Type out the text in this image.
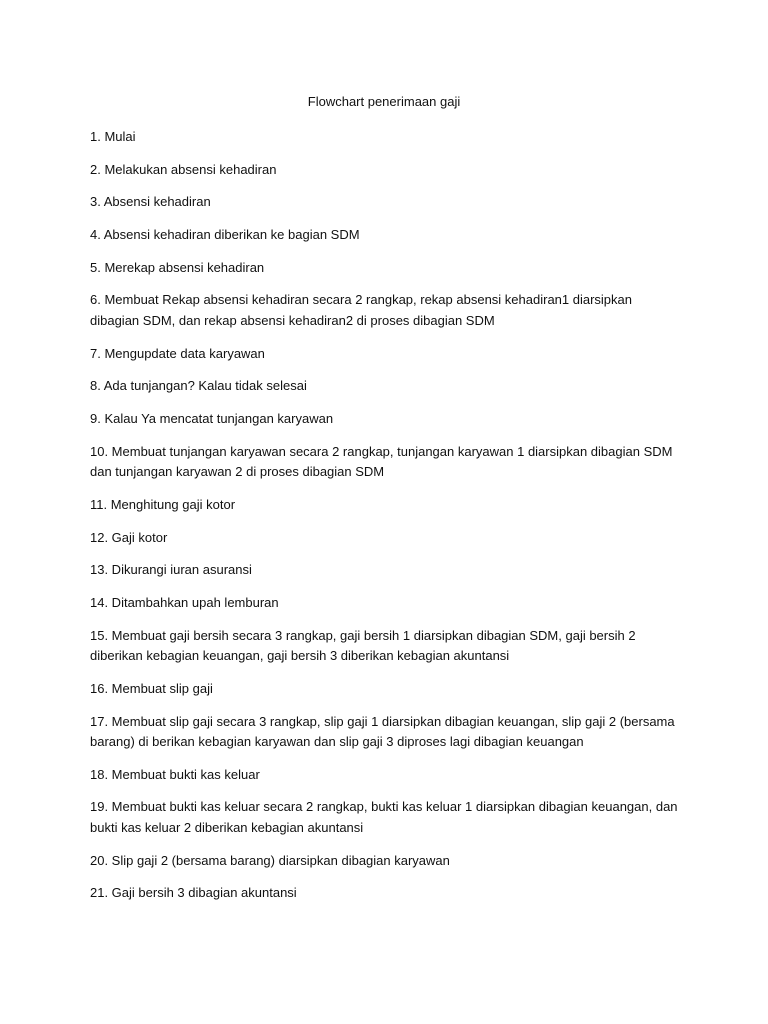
Flowchart penerimaan gaji
1. Mulai
2. Melakukan absensi kehadiran
3. Absensi kehadiran
4. Absensi kehadiran diberikan ke bagian SDM
5. Merekap absensi kehadiran
6. Membuat Rekap absensi kehadiran secara 2 rangkap, rekap absensi kehadiran1 diarsipkan dibagian SDM, dan rekap absensi kehadiran2 di proses dibagian SDM
7. Mengupdate data karyawan
8. Ada tunjangan? Kalau tidak selesai
9. Kalau Ya mencatat tunjangan karyawan
10. Membuat tunjangan karyawan secara 2 rangkap, tunjangan karyawan 1 diarsipkan dibagian SDM dan tunjangan karyawan 2 di proses dibagian SDM
11. Menghitung gaji kotor
12. Gaji kotor
13. Dikurangi iuran asuransi
14. Ditambahkan upah lemburan
15. Membuat gaji bersih secara 3 rangkap, gaji bersih 1 diarsipkan dibagian SDM, gaji bersih 2 diberikan kebagian keuangan, gaji bersih 3 diberikan kebagian akuntansi
16. Membuat slip gaji
17. Membuat slip gaji secara 3 rangkap, slip gaji 1 diarsipkan dibagian keuangan, slip gaji 2 (bersama barang) di berikan kebagian karyawan dan slip gaji 3 diproses lagi dibagian keuangan
18. Membuat bukti kas keluar
19. Membuat bukti kas keluar secara 2 rangkap, bukti kas keluar 1 diarsipkan dibagian keuangan, dan bukti kas keluar 2 diberikan kebagian akuntansi
20. Slip gaji 2 (bersama barang) diarsipkan dibagian karyawan
21. Gaji bersih 3 dibagian akuntansi
